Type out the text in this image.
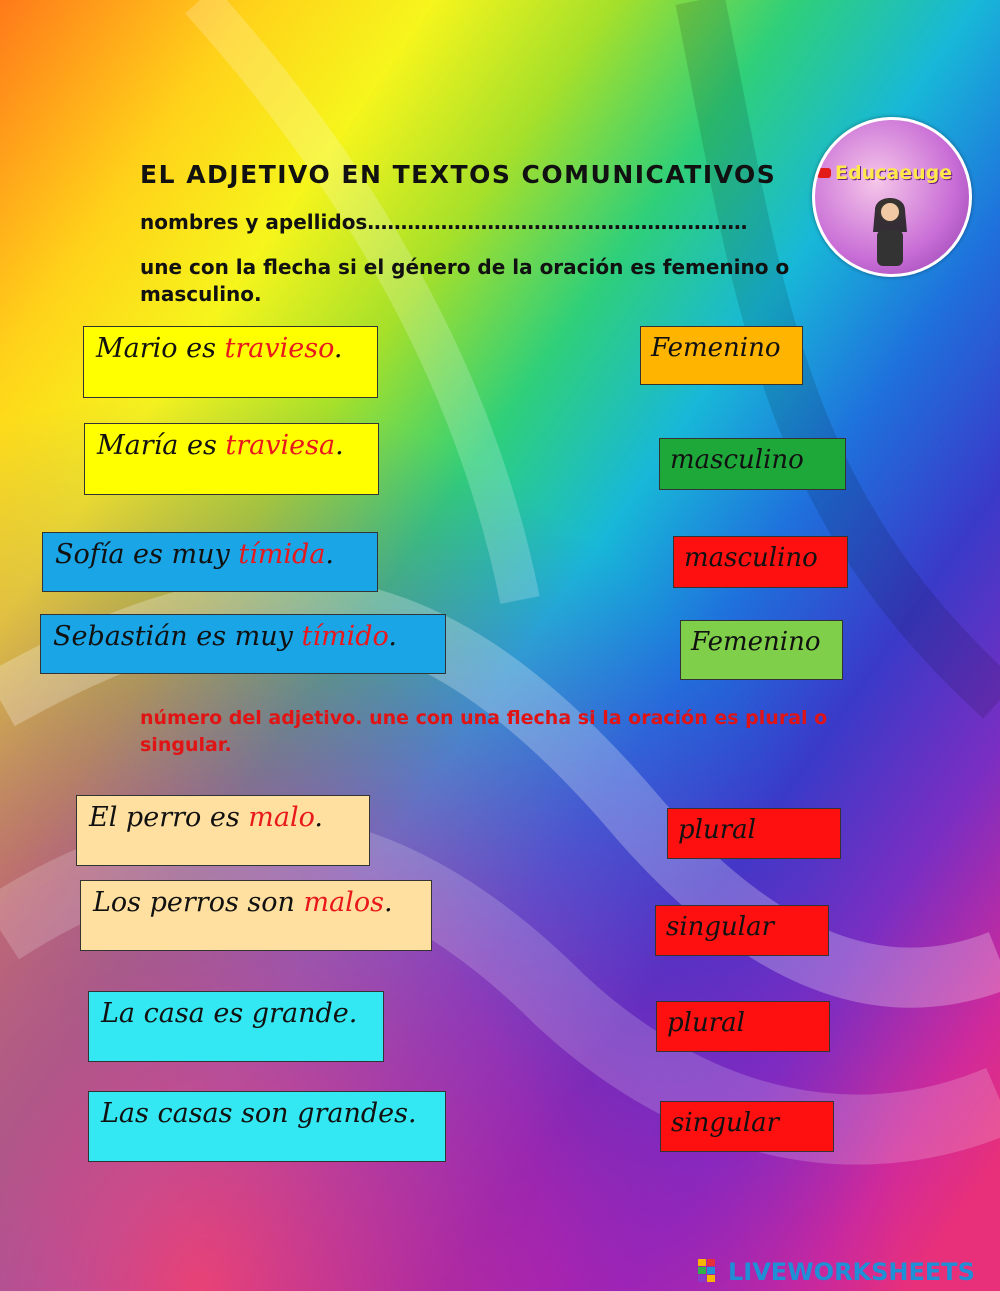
EL ADJETIVO EN TEXTOS COMUNICATIVOS
nombres y apellidos…………………………………………………
une con la flecha si el género de la oración es femenino o masculino.
Educaeuge
Mario es travieso.
María es traviesa.
Sofía es muy tímida.
Sebastián es muy tímido.
Femenino
masculino
masculino
Femenino
número del adjetivo. une con una flecha si la oración es plural o singular.
El perro es malo.
Los perros son malos.
La casa es grande.
Las casas son grandes.
plural
singular
plural
singular
LIVEWORKSHEETS
